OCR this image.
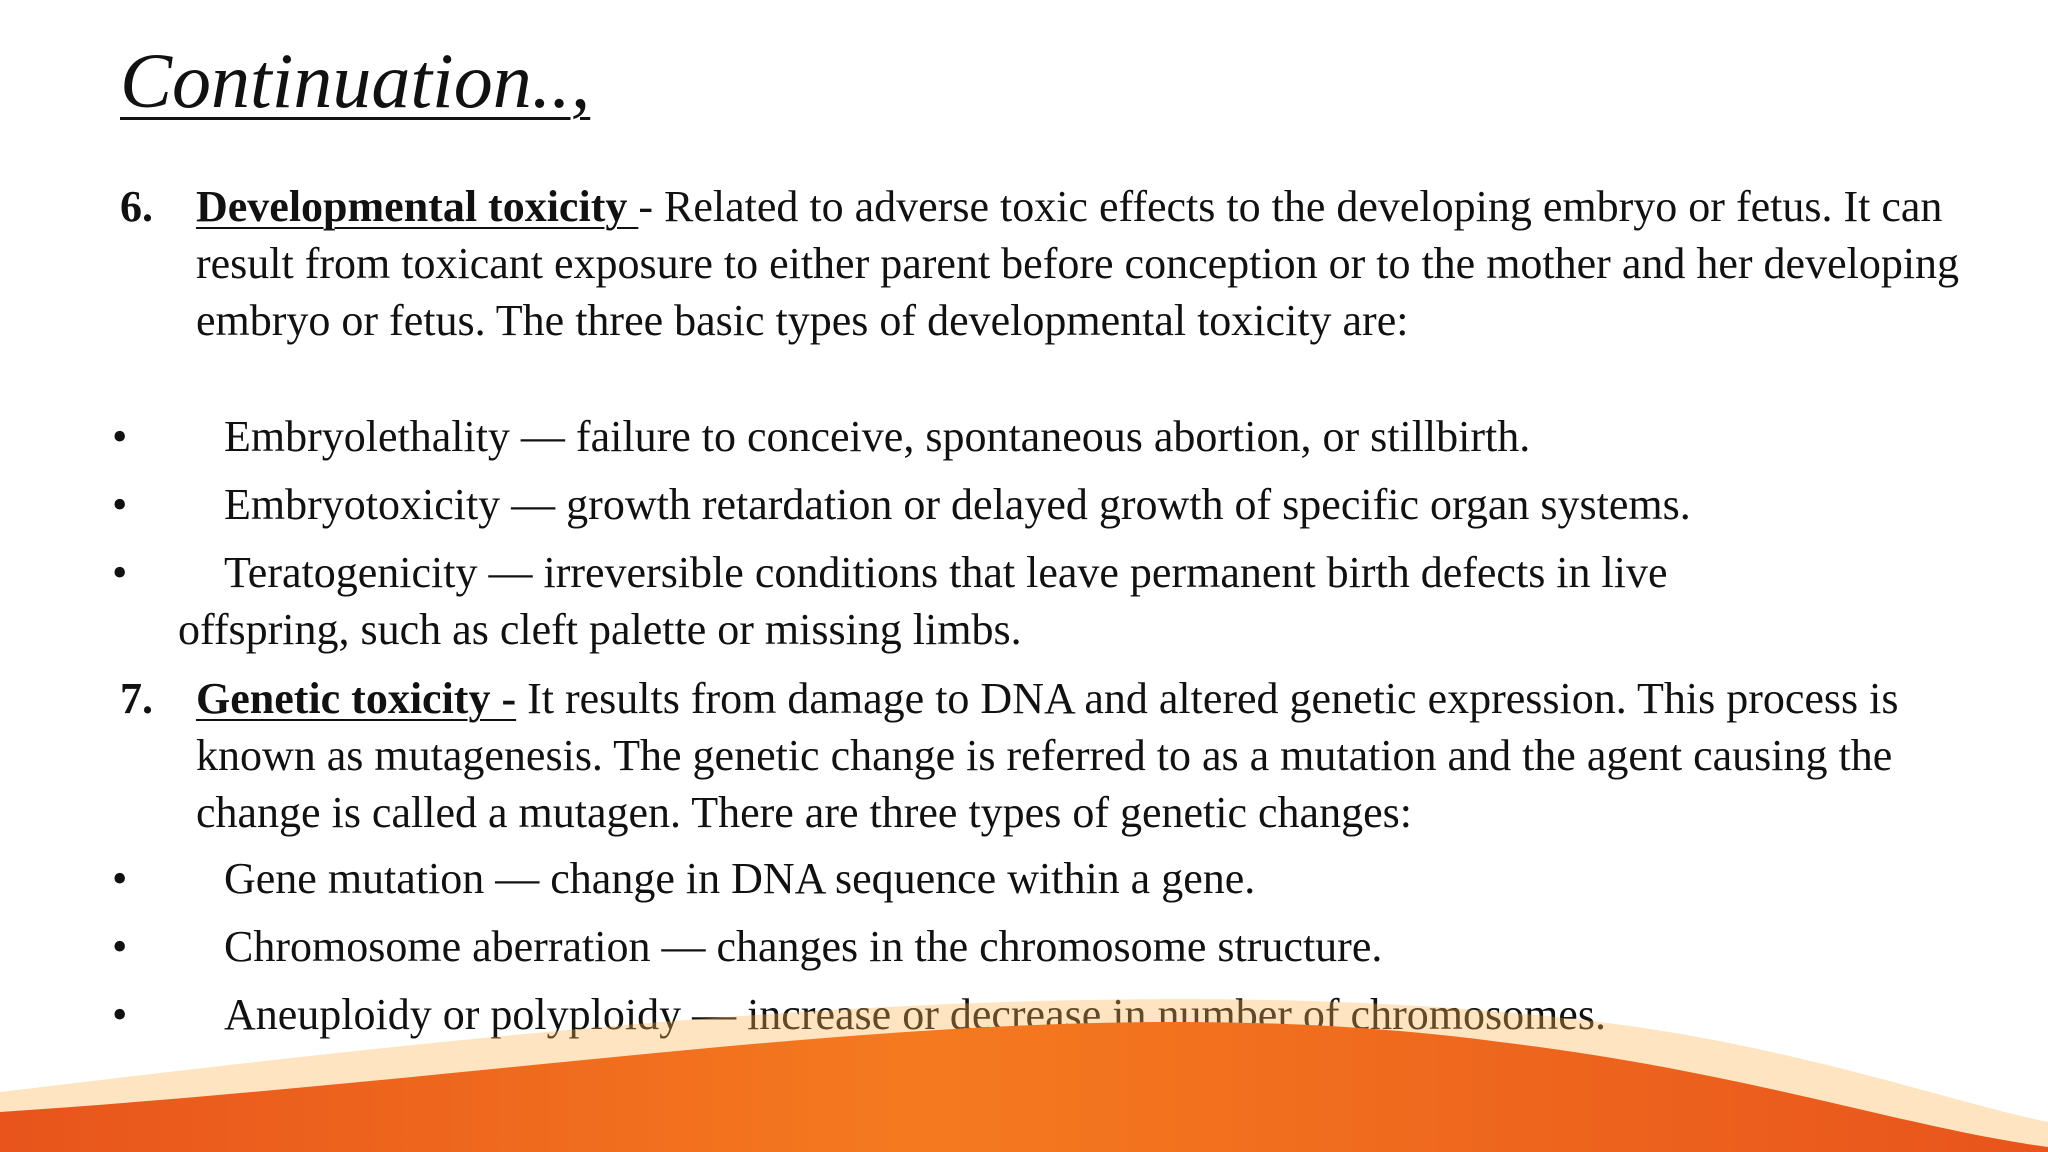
Continuation..,
6. Developmental toxicity - Related to adverse toxic effects to the developing embryo or fetus. It can result from toxicant exposure to either parent before conception or to the mother and her developing embryo or fetus. The three basic types of developmental toxicity are:
• Embryolethality — failure to conceive, spontaneous abortion, or stillbirth.
• Embryotoxicity — growth retardation or delayed growth of specific organ systems.
• Teratogenicity — irreversible conditions that leave permanent birth defects in live
offspring, such as cleft palette or missing limbs.
7. Genetic toxicity - It results from damage to DNA and altered genetic expression. This process is known as mutagenesis. The genetic change is referred to as a mutation and the agent causing the change is called a mutagen. There are three types of genetic changes:
• Gene mutation — change in DNA sequence within a gene.
• Chromosome aberration — changes in the chromosome structure.
• Aneuploidy or polyploidy — increase or decrease in number of chromosomes.
